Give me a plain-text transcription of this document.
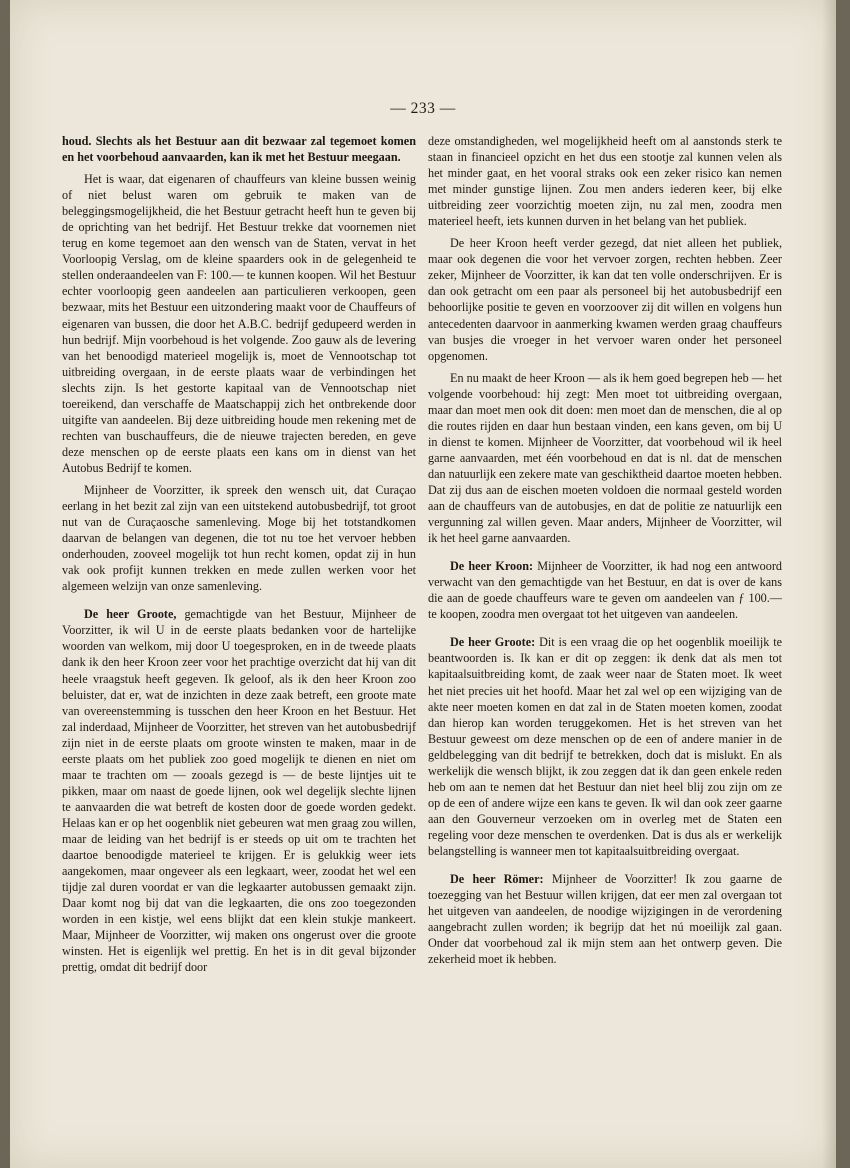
— 233 —

houd. Slechts als het Bestuur aan dit bezwaar zal tegemoet komen en het voorbehoud aanvaarden, kan ik met het Bestuur meegaan.

Het is waar, dat eigenaren of chauffeurs van kleine bussen weinig of niet belust waren om gebruik te maken van de beleggingsmogelijkheid, die het Bestuur getracht heeft hun te geven bij de oprichting van het bedrijf. Het Bestuur trekke dat voornemen niet terug en kome tegemoet aan den wensch van de Staten, vervat in het Voorloopig Verslag, om de kleine spaarders ook in de gelegenheid te stellen onderaandeelen van F: 100.— te kunnen koopen. Wil het Bestuur echter voorloopig geen aandeelen aan particulieren verkoopen, geen bezwaar, mits het Bestuur een uitzondering maakt voor de Chauffeurs of eigenaren van bussen, die door het A.B.C. bedrijf gedupeerd werden in hun bedrijf. Mijn voorbehoud is het volgende. Zoo gauw als de levering van het benoodigd materieel mogelijk is, moet de Vennootschap tot uitbreiding overgaan, in de eerste plaats waar de verbindingen het slechts zijn. Is het gestorte kapitaal van de Vennootschap niet toereikend, dan verschaffe de Maatschappij zich het ontbrekende door uitgifte van aandeelen. Bij deze uitbreiding houde men rekening met de rechten van buschauffeurs, die de nieuwe trajecten bereden, en geve deze menschen op de eerste plaats een kans om in dienst van het Autobus Bedrijf te komen.

Mijnheer de Voorzitter, ik spreek den wensch uit, dat Curaçao eerlang in het bezit zal zijn van een uitstekend autobusbedrijf, tot groot nut van de Curaçaosche samenleving. Moge bij het totstandkomen daarvan de belangen van degenen, die tot nu toe het vervoer hebben onderhouden, zooveel mogelijk tot hun recht komen, opdat zij in hun vak ook profijt kunnen trekken en mede zullen werken voor het algemeen welzijn van onze samenleving.

De heer Groote, gemachtigde van het Bestuur, Mijnheer de Voorzitter, ik wil U in de eerste plaats bedanken voor de hartelijke woorden van welkom, mij door U toegesproken, en in de tweede plaats dank ik den heer Kroon zeer voor het prachtige overzicht dat hij van dit heele vraagstuk heeft gegeven. Ik geloof, als ik den heer Kroon zoo beluister, dat er, wat de inzichten in deze zaak betreft, een groote mate van overeenstemming is tusschen den heer Kroon en het Bestuur. Het zal inderdaad, Mijnheer de Voorzitter, het streven van het autobusbedrijf zijn niet in de eerste plaats om groote winsten te maken, maar in de eerste plaats om het publiek zoo goed mogelijk te dienen en niet om maar te trachten om — zooals gezegd is — de beste lijntjes uit te pikken, maar om naast de goede lijnen, ook wel degelijk slechte lijnen te aanvaarden die wat betreft de kosten door de goede worden gedekt. Helaas kan er op het oogenblik niet gebeuren wat men graag zou willen, maar de leiding van het bedrijf is er steeds op uit om te trachten het daartoe benoodigde materieel te krijgen. Er is gelukkig weer iets aangekomen, maar ongeveer als een legkaart, weer, zoodat het wel een tijdje zal duren voordat er van die legkaarter autobussen gemaakt zijn. Daar komt nog bij dat van die legkaarten, die ons zoo toegezonden worden in een kistje, wel eens blijkt dat een klein stukje mankeert. Maar, Mijnheer de Voorzitter, wij maken ons ongerust over die groote winsten. Het is eigenlijk wel prettig. En het is in dit geval bijzonder prettig, omdat dit bedrijf door

deze omstandigheden, wel mogelijkheid heeft om al aanstonds sterk te staan in financieel opzicht en het dus een stootje zal kunnen velen als het minder gaat, en het vooral straks ook een zeker risico kan nemen met minder gunstige lijnen. Zou men anders iederen keer, bij elke uitbreiding zeer voorzichtig moeten zijn, nu zal men, zoodra men materieel heeft, iets kunnen durven in het belang van het publiek.

De heer Kroon heeft verder gezegd, dat niet alleen het publiek, maar ook degenen die voor het vervoer zorgen, rechten hebben. Zeer zeker, Mijnheer de Voorzitter, ik kan dat ten volle onderschrijven. Er is dan ook getracht om een paar als personeel bij het autobusbedrijf een behoorlijke positie te geven en voorzoover zij dit willen en volgens hun antecedenten daarvoor in aanmerking kwamen werden graag chauffeurs van busjes die vroeger in het vervoer waren onder het personeel opgenomen.

En nu maakt de heer Kroon — als ik hem goed begrepen heb — het volgende voorbehoud: hij zegt: Men moet tot uitbreiding overgaan, maar dan moet men ook dit doen: men moet dan de menschen, die al op die routes rijden en daar hun bestaan vinden, een kans geven, om bij U in dienst te komen. Mijnheer de Voorzitter, dat voorbehoud wil ik heel garne aanvaarden, met één voorbehoud en dat is nl. dat de menschen dan natuurlijk een zekere mate van geschiktheid daartoe moeten hebben. Dat zij dus aan de eischen moeten voldoen die normaal gesteld worden aan de chauffeurs van de autobusjes, en dat de politie ze natuurlijk een vergunning zal willen geven. Maar anders, Mijnheer de Voorzitter, wil ik het heel garne aanvaarden.

De heer Kroon: Mijnheer de Voorzitter, ik had nog een antwoord verwacht van den gemachtigde van het Bestuur, en dat is over de kans die aan de goede chauffeurs ware te geven om aandeelen van ƒ 100.— te koopen, zoodra men overgaat tot het uitgeven van aandeelen.

De heer Groote: Dit is een vraag die op het oogenblik moeilijk te beantwoorden is. Ik kan er dit op zeggen: ik denk dat als men tot kapitaalsuitbreiding komt, de zaak weer naar de Staten moet. Ik weet het niet precies uit het hoofd. Maar het zal wel op een wijziging van de akte neer moeten komen en dat zal in de Staten moeten komen, zoodat dan hierop kan worden teruggekomen. Het is het streven van het Bestuur geweest om deze menschen op de een of andere manier in de geldbelegging van dit bedrijf te betrekken, doch dat is mislukt. En als werkelijk die wensch blijkt, ik zou zeggen dat ik dan geen enkele reden heb om aan te nemen dat het Bestuur dan niet heel blij zou zijn om ze op de een of andere wijze een kans te geven. Ik wil dan ook zeer gaarne aan den Gouverneur verzoeken om in overleg met de Staten een regeling voor deze menschen te overdenken. Dat is dus als er werkelijk belangstelling is wanneer men tot kapitaalsuitbreiding overgaat.

De heer Römer: Mijnheer de Voorzitter! Ik zou gaarne de toezegging van het Bestuur willen krijgen, dat eer men zal overgaan tot het uitgeven van aandeelen, de noodige wijzigingen in de verordening aangebracht zullen worden; ik begrijp dat het nú moeilijk zal gaan. Onder dat voorbehoud zal ik mijn stem aan het ontwerp geven. Die zekerheid moet ik hebben.
